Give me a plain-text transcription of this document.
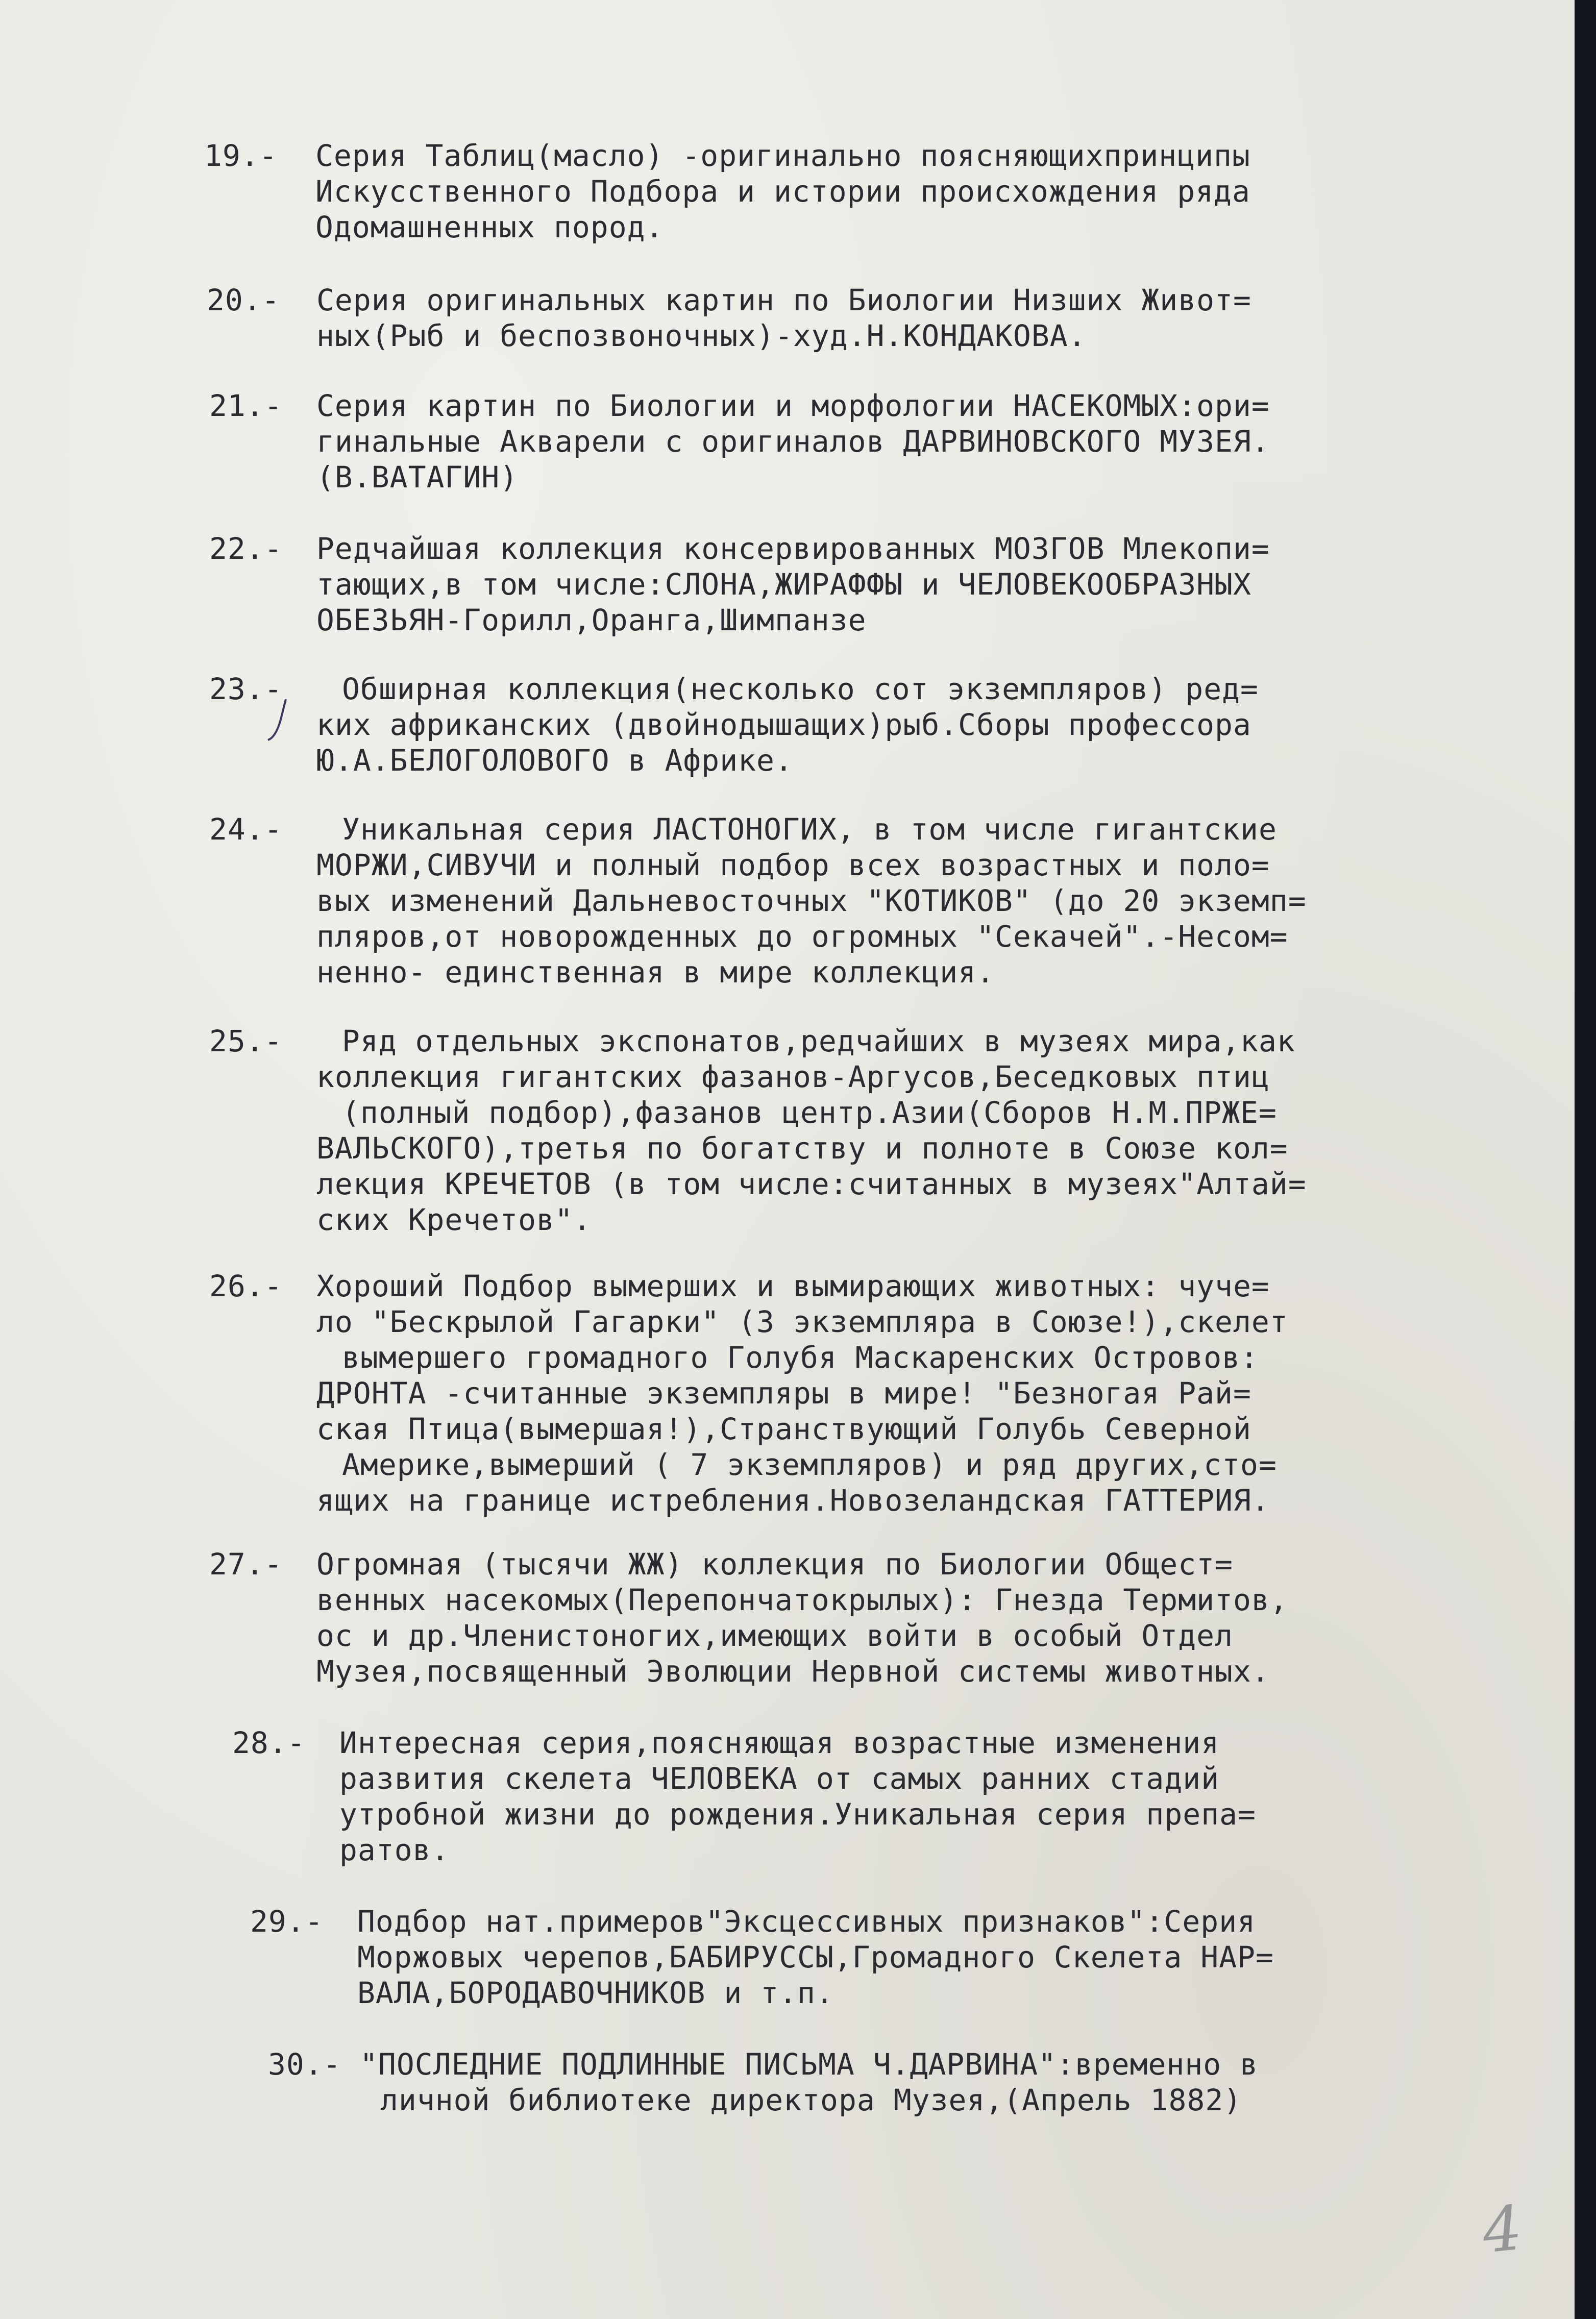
19.- Серия Таблиц(масло) -оригинально поясняющихпринципы
Искусственного Подбора и истории происхождения ряда
Одомашненных пород.
20.- Серия оригинальных картин по Биологии Низших Живот=
ных(Рыб и беспозвоночных)-худ.Н.КОНДАКОВА.
21.- Серия картин по Биологии и морфологии НАСЕКОМЫХ:ори=
гинальные Акварели с оригиналов ДАРВИНОВСКОГО МУЗЕЯ.
(В.ВАТАГИН)
22.- Редчайшая коллекция консервированных МОЗГОВ Млекопи=
тающих,в том числе:СЛОНА,ЖИРАФФЫ и ЧЕЛОВЕКООБРАЗНЫХ
ОБЕЗЬЯН-Горилл,Оранга,Шимпанзе
23.-	Обширная коллекция(несколько сот экземпляров) ред=
ких африканских (двойнодышащих)рыб.Сборы профессора
Ю.А.БЕЛОГОЛОВОГО в Африке.
24.-	Уникальная серия ЛАСТОНОГИХ, в том числе гигантские
МОРЖИ,СИВУЧИ и полный подбор всех возрастных и поло=
вых изменений Дальневосточных "КОТИКОВ" (до 20 экземп=
пляров,от новорожденных до огромных "Секачей".-Несом=
ненно- единственная в мире коллекция.
25.-	Ряд отдельных экспонатов,редчайших в музеях мира,как
коллекция гигантских фазанов-Аргусов,Беседковых птиц
(полный подбор),фазанов центр.Азии(Сборов Н.М.ПРЖЕ=
ВАЛЬСКОГО),третья по богатству и полноте в Союзе кол=
лекция КРЕЧЕТОВ (в том числе:считанных в музеях"Алтай=
ских Кречетов".
26.- Хороший Подбор вымерших и вымирающих животных: чуче=
ло "Бескрылой Гагарки" (3 экземпляра в Союзе!),скелет
вымершего громадного Голубя Маскаренских Островов:
ДРОНТА -считанные экземпляры в мире! "Безногая Рай=
ская Птица(вымершая!),Странствующий Голубь Северной
Америке,вымерший ( 7 экземпляров) и ряд других,сто=
ящих на границе истребления.Новозеландская ГАТТЕРИЯ.
27.- Огромная (тысячи ЖЖ) коллекция по Биологии Общест=
венных насекомых(Перепончатокрылых): Гнезда Термитов,
ос и др.Членистоногих,имеющих войти в особый Отдел
Музея,посвященный Эволюции Нервной системы животных.
28.- Интересная серия,поясняющая возрастные изменения
развития скелета ЧЕЛОВЕКА от самых ранних стадий
утробной жизни до рождения.Уникальная серия препа=
ратов.
29.- Подбор нат.примеров"Эксцессивных признаков":Серия
Моржовых черепов,БАБИРУССЫ,Громадного Скелета НАР=
ВАЛА,БОРОДАВОЧНИКОВ и т.п.
30.- "ПОСЛЕДНИЕ ПОДЛИННЫЕ ПИСЬМА Ч.ДАРВИНА":временно в
личной библиотеке директора Музея,(Апрель 1882)
4
